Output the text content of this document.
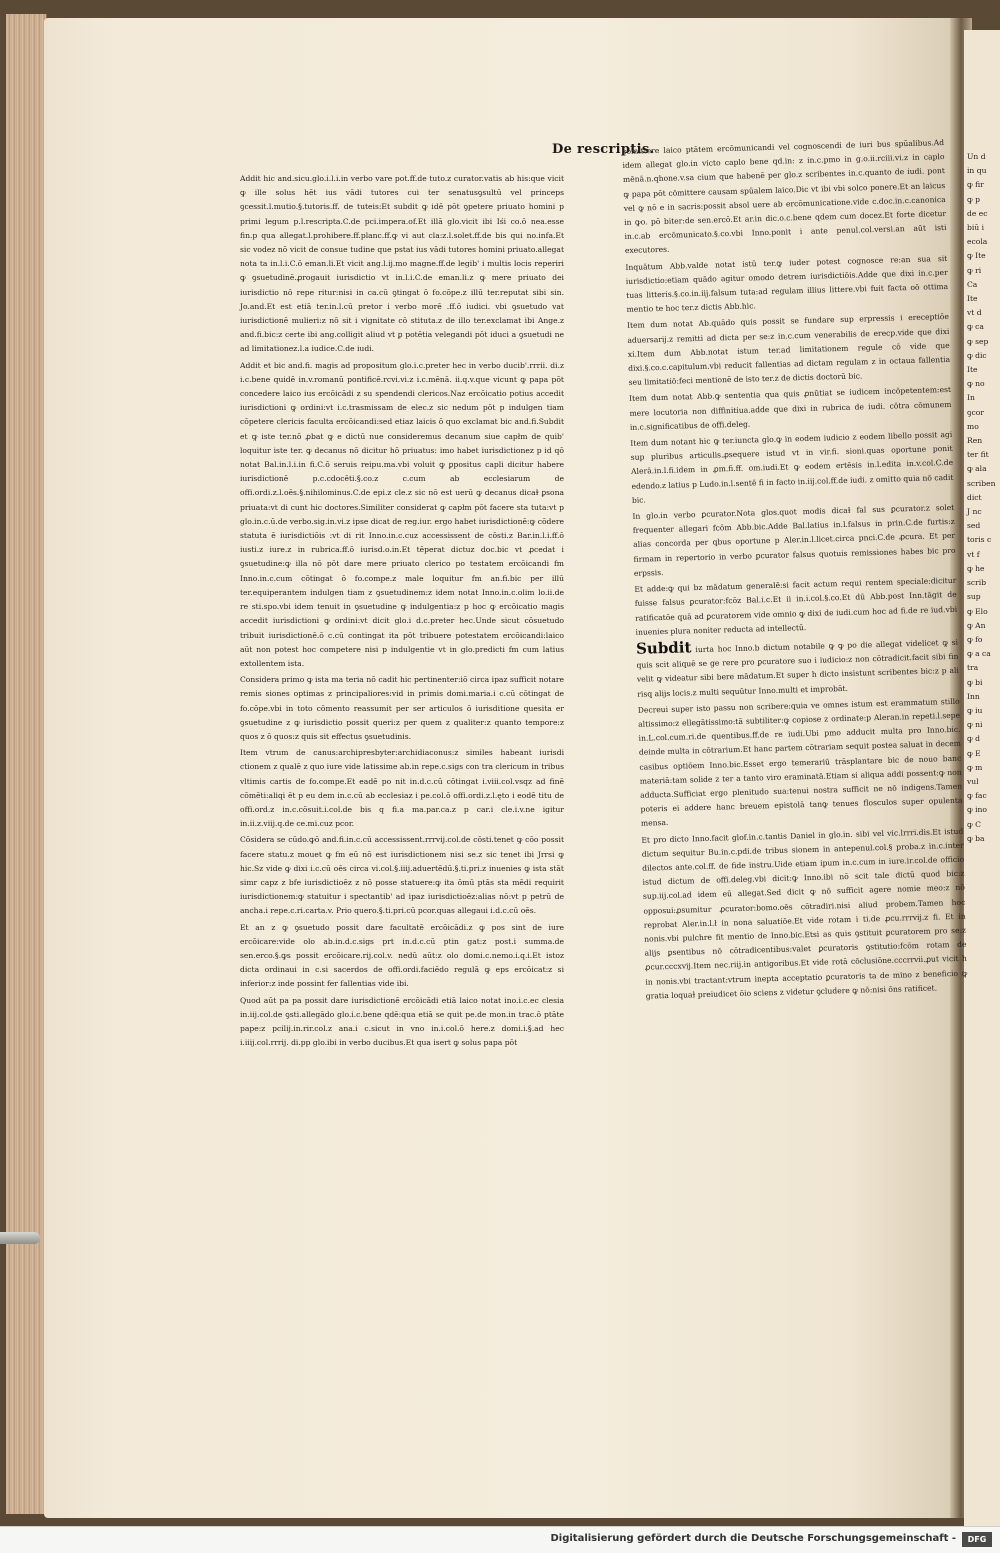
De rescriptis.

Addit hic and.sicu.glo.i.l.i.in verbo vare pot.ff.de tuto.z curator.vatis ab his:que vicit ꝙ ille solus hēt ius vādi tutores cui ter senatusꝯsultū vel princeps ꝯcessit.l.mutio.§.tutoris.ff. de tuteis:Et subdit ꝙ idē pōt ꝯpetere priuato homini p primi legum p.l.rescripta.C.de pci.impera.of.Et illā glo.vicit ibi Iśi co.ō nea.esse fin.p qua allegat.l.prohibere.ff.planc.ff.ꝙ vi aut cla:z.l.solet.ff.de bis qui no.infa.Et sic vodez nō vicit de consue tudine que pstat ius vādi tutores homini priuato.allegat nota ta in.l.i.C.ō eman.li.Et vicit ang.l.ij.mo magne.ff.de legib' i multis locis reperiri ꝙ ꝯsuetudinē.ꝓrogauit iurisdictio vt in.l.i.C.de eman.li.z ꝙ mere priuato dei iurisdictio nō repe ritur:nisi in ca.cū ꝯtingat ō fo.cōpe.z illū ter.reputat sibi sin. Jo.and.Et est etiā ter.in.l.cū pretor i verbo morē .ff.ō iudici. vbi ꝯsuetudo vat iurisdictionē mulieri:z nō sit i vignitate cō stituta.z de illo ter.exclamat ibi Ange.z and.fi.bic:z certe ibi ang.colligit aliud vt ꝑ potētia velegandi pōt iduci a ꝯsuetudi ne ad limitationez.l.a iudice.C.de iudi.

Addit et bic and.fi. magis ad propositum glo.i.c.preter hec in verbo ducib'.rrrii. di.z i.c.bene quidē in.v.romanū pontificē.rcvi.vi.z i.c.mēnā. ii.q.v.que vicunt ꝙ papa pōt concedere laico ius ercōicādi z su spendendi clericos.Naz ercōicatio potius accedit iurisdictioni ꝙ ordini:vt i.c.trasmissam de elec.z sic nedum pōt p indulgen tiam cōpetere clericis faculta ercōicandi:sed etiaz laicis ō quo exclamat bic and.fi.Subdit et ꝙ iste ter.nō ꝓbat ꝙ e dictū nue consideremus decanum siue capłm de quib' loquitur iste ter. ꝙ decanus nō dicitur hō priuatus: imo habet iurisdictionez p id qō notat Bal.in.l.i.in fi.C.ō seruis reipu.ma.vbi voluit ꝙ ꝑpositus capli dicitur habere iurisdictionē p.c.cdocēti.§.co.z c.cum ab ecclesiarum de offi.ordi.z.l.oēs.§.nihilominus.C.de epi.z cle.z sic nō est uerū ꝙ decanus dicaɫ ꝑsona priuata:vt di cunt hic doctores.Similiter considerat ꝙ capłm pōt facere sta tuta:vt p glo.in.c.ū.de verbo.sig.in.vi.z ipse dicat de reg.iur. ergo habet iurisdictionē:ꝙ cōdere statuta ē iurisdictiōis :vt di rit Inno.in.c.cuz accessissent de cōsti.z Bar.in.l.i.ff.ō iusti.z iure.z in rubrica.ff.ō iurisd.o.in.Et tēperat dictuz doc.bic vt ꝓcedat i ꝯsuetudine:ꝙ illa nō pōt dare mere priuato clerico po testatem ercōicandi fm Inno.in.c.cum cōtingat ō fo.compe.z male loquitur fm an.fi.bic per illū ter.equiperantem indulgen tiam z ꝯsuetudinem:z idem notat Inno.in.c.olim lo.ii.de re sti.spo.vbi idem tenuit in ꝯsuetudine ꝙ indulgentia:z p hoc ꝙ ercōicatio magis accedit iurisdictioni ꝙ ordini:vt dicit glo.i d.c.preter hec.Unde sicut cōsuetudo tribuit iurisdictionē.ō c.cū contingat ita pōt tribuere potestatem ercōicandi:laico aūt non potest hoc competere nisi p indulgentie vt in glo.predicti fm cum latius extollentem ista.

Considera primo ꝙ ista ma teria nō cadit hic pertinenter:iō circa ipaz sufficit notare remis siones optimas z principaliores:vid in primis domi.maria.i c.cū cōtingat de fo.cōpe.vbi in toto cōmento reassumit per ser articulos ō iurisditione quesita er ꝯsuetudine z ꝙ iurisdictio possit queri:z per quem z qualiter:z quanto tempore:z quos z ō quos:z quis sit effectus ꝯsuetudinis.

Item vtrum de canus:archipresbyter:archidiaconus:z similes habeant iurisdi ctionem z qualē z quo iure vide latissime ab.in repe.c.sigs con tra clericum in tribus vltimis cartis de fo.compe.Et eadē po nit in.d.c.cū cōtingat i.viii.col.vsqz ad finē cōmēti:aliqi ēt p eu dem in.c.cū ab ecclesiaz i pe.col.ō offi.ordi.z.l.ęto i eodē titu de offi.ord.z in.c.cōsuit.i.col.de bis q fi.a ma.par.ca.z p car.i cle.i.v.ne igitur in.ii.z.viij.q.de ce.mi.cuz pcor.

Cōsidera se cūdo.ꝙō and.fi.in.c.cū accessissent.rrrvij.col.de cōsti.tenet ꝙ cōo possit facere statu.z mouet ꝙ fm eū nō est iurisdictionem nisi se.z sic tenet ibi Jrrsi ꝙ hic.Sz vide ꝙ dixi i.c.cū oēs circa vi.col.§.iiij.aduertēdū.§.ti.pri.z inuenies ꝙ ista stāt simr capz z bfe iurisdictioēz z nō posse statuere:ꝙ ita ōmū ptās sta mēdi requirit iurisdictionem:ꝙ statuitur i spectantib' ad ipaz iurisdictioēz:alias nō:vt p petrū de ancha.i repe.c.ri.carta.v. Prio quero.§.ti.pri.cū pcor.quas allegaui i.d.c.cū oēs.

Et an z ꝙ ꝯsuetudo possit dare facultatē ercōicādi.z ꝙ pos sint de iure ercōicare:vide olo ab.in.d.c.sigs prt in.d.c.cū ptin gat:z post.i summa.de sen.erco.§.ꝙs possit ercōicare.rij.col.v. nedū aūt:z olo domi.c.nemo.i.q.i.Et istoz dicta ordinaui in c.si sacerdos de offi.ordi.faciēdo regulā ꝙ eps ercōicat:z si inferior:z inde possint fer fallentias vide ibi.

Quod aūt pa pa possit dare iurisdictionē ercōicādi etiā laico notat ino.i.c.ec clesia in.iij.col.de ꝯsti.allegādo glo.i.c.bene qdē:qua etiā se quit pe.de mon.in trac.ō ptāte pape:z pcilij.in.rir.col.z ana.i c.sicut in vno in.i.col.ō here.z domi.i.§.ad hec i.iiij.col.rrrij. di.pp glo.ibi in verbo ducibus.Et qua isert ꝙ solus papa pōt

cōmittere laico ptātem ercōmunicandi vel cognoscendi de iuri bus spūalibus.Ad idem allegat glo.in victo caplo bene qd.in: z in.c.pmo in g.o.ii.rciii.vi.z in caplo mēnā.n.qhone.v.sa cium que habenē per glo.z scribentes in.c.quanto de iudi. pont ꝙ papa pōt cōmittere causam spūalem laico.Dic vt ibi vbi solco ponere.Et an laicus vel ꝙ nō e in sacris:possit absol uere ab ercōmunicatione.vide c.doc.in.c.canonica in ꝙo. pō biter:de sen.ercō.Et ar.in dic.o.c.bene qdem cum docez.Et forte dicetur in.c.ab ercōmunicato.§.co.vbi Inno.ponit i ante penul.col.versi.an aūt isti executores.

Inquātum Abb.valde notat istū ter.ꝙ iuder potest cognosce re:an sua sit iurisdictio:etiam quādo agitur omodo detrem iurisdictiōis.Adde que dixi in.c.per tuas litteris.§.co.in.iij.falsum tuta:ad regulam illius littere.vbi fuit facta oō ottima mentio te hoc ter.z dictis Abb.hic.

Item dum notat Ab.quādo quis possit se fundare sup erpressis i ereceptiōe aduersarij.z remitti ad dicta per se:z in.c.cum venerabilis de erecp.vide que dixi xi.Item dum Abb.notat istum ter.ad limitationem regule cō vide que dixi.§.co.c.capitulum.vbi reducit fallentias ad dictam regulam z in octaua fallentia seu limitatiō:feci mentionē de isto ter.z de dictis doctorū bic.

Item dum notat Abb.ꝙ sententia qua quis ꝓnūtiat se iudicem incōpetentem:est mere locutoria non diffinitiua.adde que dixi in rubrica de iudi. cōtra cōmunem in.c.significatibus de offi.deleg.

Item dum notant hic ꝙ ter.iuncta glo.ꝙ in eodem iudicio z eodem libello possit agi sup pluribus articulis.ꝓsequere istud vt in vir.fi. sioni.quas oportune ponit Alerā.in.l.fi.idem in ꝓm.fi.ff. om.iudi.Et ꝙ eodem ertēsis in.l.edita in.v.col.C.de edendo.z latius p Ludo.in.l.sentē fi in facto in.iij.col.ff.de iudi. z omitto quia nō cadit bic.

In glo.in verbo ꝑcurator.Nota glos.quot modis dicaɫ fal sus ꝑcurator.z solet frequenter allegari fcōm Abb.bic.Adde Bal.latius in.l.falsus in prin.C.de furtis:z alias concorda per qbus oportune p Aler.in.l.licet.circa pnci.C.de ꝓcura. Et per firmam in repertorio in verbo ꝑcurator falsus quotuis remissiones habes bic pro erpssis.

Et adde:ꝙ qui bz mādatum generalē:si facit actum requi rentem speciale:dicitur fuisse falsus ꝑcurator:fcōz Bal.i.c.Et ii in.i.col.§.co.Et dū Abb.post Inn.tāgit de ratificatōe quā ad ꝑcuratorem vide omnio ꝙ dixi de iudi.cum hoc ad fi.de re iud.vbi inuenies plura noniter reducta ad intellectū.

Subdit iurta hoc Inno.b dictum notabile ꝙ ꝙ po die allegat videlicet ꝙ si quis scit aliquē se ge rere pro ꝑcuratore suo i iudicio:z non cōtradicit.facit sibi fin velit ꝙ videatur sibi bere mādatum.Et super h dicto insistunt scribentes bic:z p ali risq alijs locis.z multi sequūtur Inno.multi et improbāt.

Decreui super isto passu non scribere:quia ve omnes istum est erammatum stillo altissimo:z ellegātissimo:tā subtiliter:ꝙ copiose z ordinate:p Aleran.in repeti.l.sepe in.L.col.cum.ri.de quentibus.ff.de re iudi.Ubi pmo adducit multa pro Inno.bic. deinde multa in cōtrarium.Et hanc partem cōtrariam sequit postea saluat in decem casibus optiōem Inno.bic.Esset ergo temerariū trāsplantare bic de nouo banc materiā:tam solide z ter a tanto viro eraminatā.Etiam si aliqua addi possent:ꝙ non adducta.Sufficiat ergo plenitudo sua:tenui nostra sufficit ne nō indigens.Tamen poteris ei addere hanc breuem epistolā tanꝙ tenues flosculos super opulenta mensa.

Et pro dicto Inno.facit glof.in.c.tantis Daniel in glo.in. sibi vel vic.lrrri.dis.Et istud dictum sequitur Bu.in.c.pdi.de tribus sionem in antepenul.col.§ proba.z in.c.inter dilectos ante.col.ff. de fide instru.Uide etiam ipum in.c.cum in iure.ir.col.de officio istud dictum de offi.deleg.vbi dicit:ꝙ Inno.ibi nō scit tale dictū quod bic:z sup.iij.col.ad idem eū allegat.Sed dicit ꝙ nō sufficit agere nomie meo:z nō opposui:ꝓsumitur ꝓcurator:bomo.oēs cōtradiri.nisi aliud probem.Tamen hoc reprobat Aler.in.l.ł in nona saluatiōe.Et vide rotam i ti.de ꝓcu.rrrvij.z fi. Et in nonis.vbi pulchre fit mentio de Inno.bic.Etsi as quis ꝯstituit ꝑcuratorem pro se:z alijs ꝑsentibus nō cōtradicentibus:valet ꝑcuratoris ꝯstitutio:fcōm rotam de ꝓcur.cccxvij.Item nec.riij.in antigoribus.Et vide rotā cōclusiōne.cccrrvii.ꝓut vicit h in nonis.vbi tractant:vtrum inepta acceptatio ꝑcuratoris ta de mino z beneficio ꝙ gratia loquaɫ preiudicet ōio sciens z videtur ꝯcludere ꝙ nō:nisi ōns ratificet.

Un d
in qu
ꝙ fir
ꝙ p
de ec
biū i
ecola
ꝙ Ite
ꝙ ri
Ca
Ite
vt d
ꝙ ca
ꝙ sep
ꝙ dic
Ite
ꝙ no
In
ꝯcor
mo
Ren
ter fit
ꝙ ala
scriben
dict
J nc
sed
toris c
vt f
ꝙ he
scrib
sup
ꝙ Elo
ꝙ An
ꝙ fo
ꝙ a ca
tra
ꝙ bi
Inn
ꝙ iu
ꝙ ni
ꝙ d
ꝙ E
ꝙ m
vul
ꝙ fac
ꝙ ino
ꝙ C
ꝙ ba
Digitalisierung gefördert durch die Deutsche Forschungsgemeinschaft -	DFG
